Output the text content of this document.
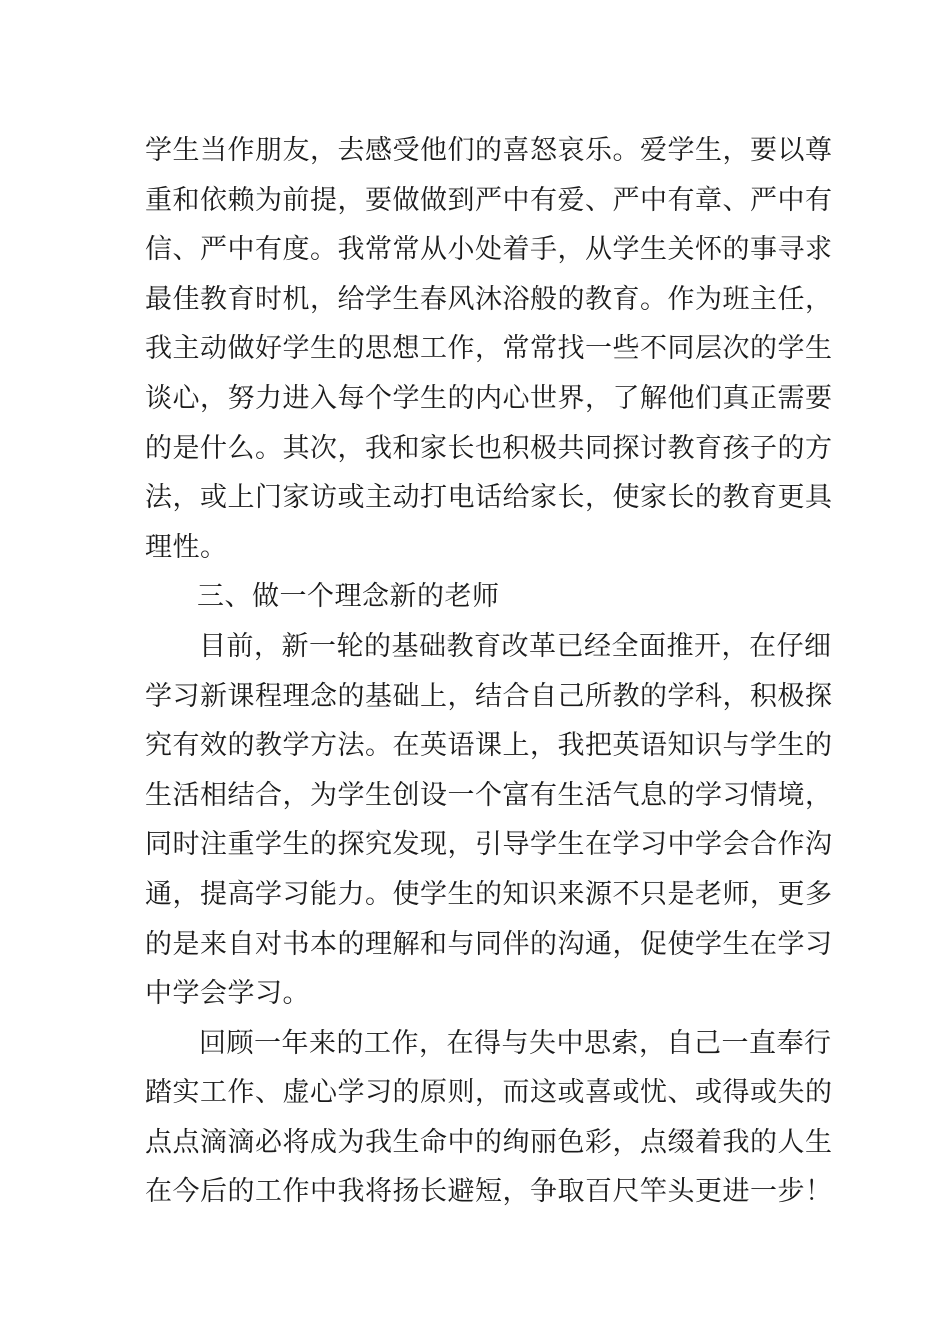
学生当作朋友，去感受他们的喜怒哀乐。爱学生，要以尊
重和依赖为前提，要做做到严中有爱、严中有章、严中有
信、严中有度。我常常从小处着手，从学生关怀的事寻求
最佳教育时机，给学生春风沐浴般的教育。作为班主任，
我主动做好学生的思想工作，常常找一些不同层次的学生
谈心，努力进入每个学生的内心世界，了解他们真正需要
的是什么。其次，我和家长也积极共同探讨教育孩子的方
法，或上门家访或主动打电话给家长，使家长的教育更具
理性。
三、做一个理念新的老师
目前，新一轮的基础教育改革已经全面推开，在仔细
学习新课程理念的基础上，结合自己所教的学科，积极探
究有效的教学方法。在英语课上，我把英语知识与学生的
生活相结合，为学生创设一个富有生活气息的学习情境，
同时注重学生的探究发现，引导学生在学习中学会合作沟
通，提高学习能力。使学生的知识来源不只是老师，更多
的是来自对书本的理解和与同伴的沟通，促使学生在学习
中学会学习。
回顾一年来的工作，在得与失中思索，自己一直奉行
踏实工作、虚心学习的原则，而这或喜或忧、或得或失的
点点滴滴必将成为我生命中的绚丽色彩，点缀着我的人生
在今后的工作中我将扬长避短，争取百尺竿头更进一步！
